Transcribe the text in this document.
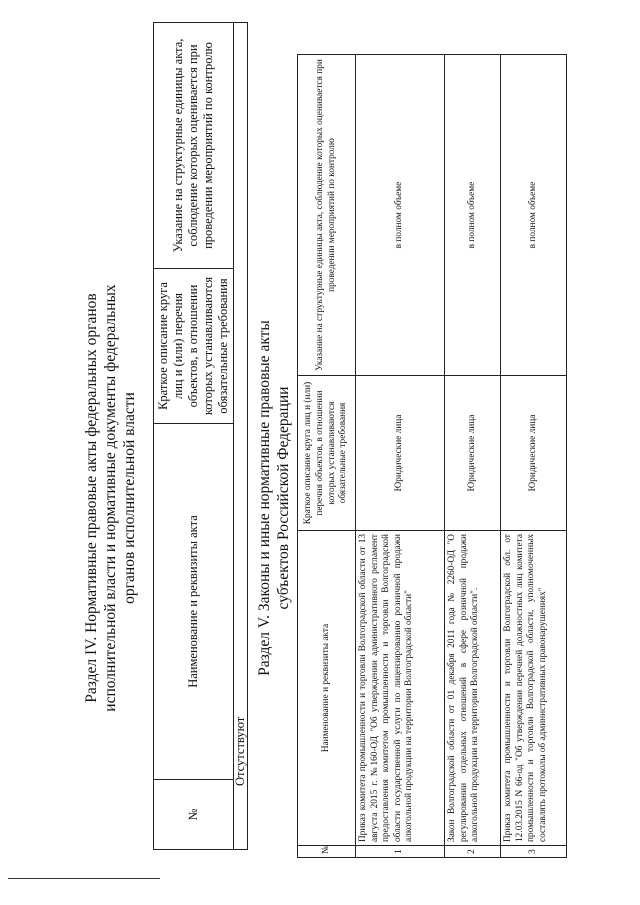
Раздел IV. Нормативные правовые акты федеральных органов исполнительной власти и нормативные документы федеральных органов исполнительной власти
№	Наименование и реквизиты акта	Краткое описание круга лиц и (или) перечня объектов, в отношении которых устанавливаются обязательные требования	Указание на структурные единицы акта, соблюдение которых оценивается при проведении мероприятий по контролю
Отсутствуют
Раздел V. Законы и иные нормативные правовые акты субъектов Российской Федерации
№	Наименование и реквизиты акта	Краткое описание круга лиц и (или) перечня объектов, в отношении которых устанавливаются обязательные требования	Указание на структурные единицы акта, соблюдение которых оценивается при проведении мероприятий по контролю
1	Приказ комитета промышленности и торговли Волгоградской области от 13 августа 2015 г. №160-ОД "Об утверждении административного регламент предоставления комитетом промышленности и торговли Волгоградской области государственной услуги по лицензированию розничной продажи алкогольной продукции на территории Волгоградской области"	Юридические лица	в полном объеме
2	Закон Волгоградской области от 01 декабря 2011 года № 2260-ОД "О регулировании отдельных отношений в сфере розничной продажи алкогольной продукции на территории Волгоградской области".	Юридические лица	в полном объеме
3	Приказ комитета промышленности и торговли Волгоградской обл. от 12.03.2015 N 66-од "Об утверждении перечней должностных лиц комитета промышленности и торговли Волгоградской области, уполномоченных составлять протоколы об административных правонарушениях"	Юридические лица	в полном объеме
